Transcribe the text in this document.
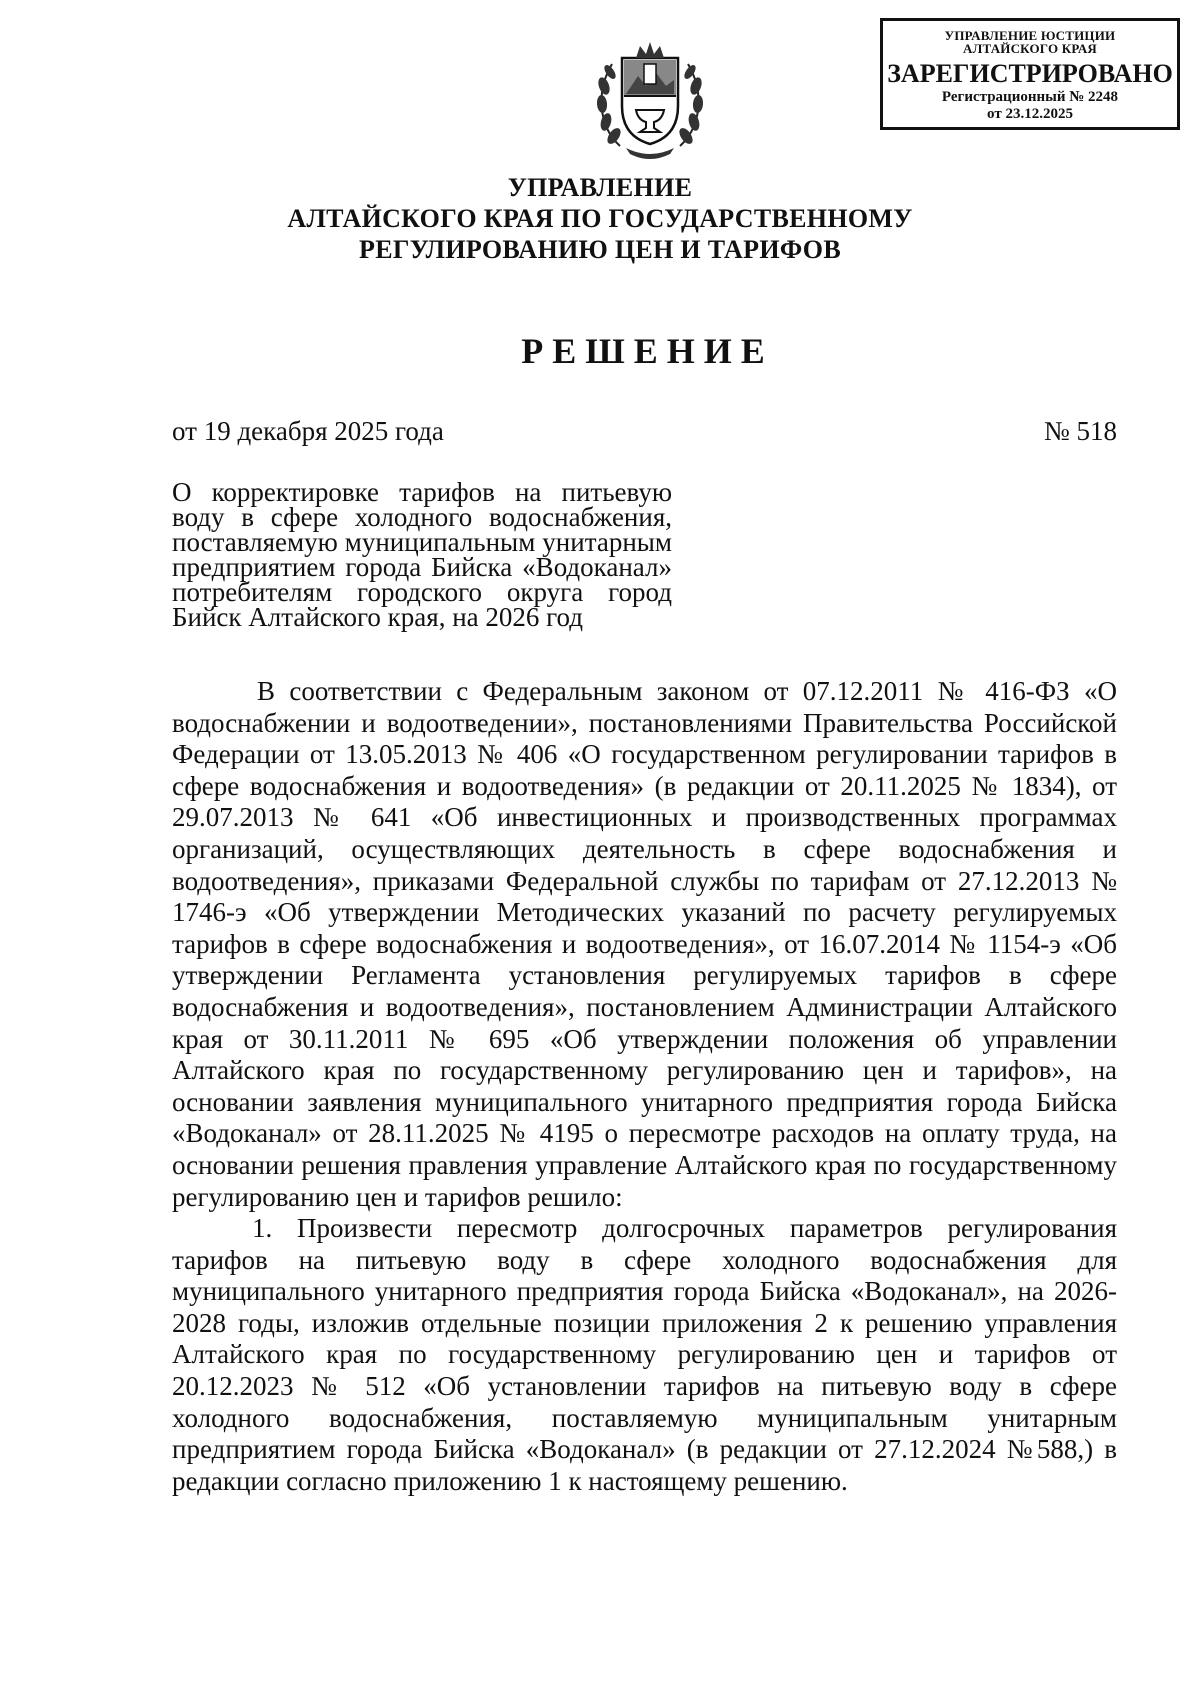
УПРАВЛЕНИЕ ЮСТИЦИИ
АЛТАЙСКОГО КРАЯ
ЗАРЕГИСТРИРОВАНО
Регистрационный № 2248
от 23.12.2025
УПРАВЛЕНИЕ
АЛТАЙСКОГО КРАЯ ПО ГОСУДАРСТВЕННОМУ
РЕГУЛИРОВАНИЮ ЦЕН И ТАРИФОВ
РЕШЕНИЕ
от 19 декабря 2025 года	№ 518
О корректировке тарифов на питьевую воду в сфере холодного водоснабжения, поставляемую муниципальным унитарным предприятием города Бийска «Водоканал» потребителям городского округа город Бийск Алтайского края, на 2026 год

В соответствии с Федеральным законом от 07.12.2011 № 416-ФЗ «О водоснабжении и водоотведении», постановлениями Правительства Российской Федерации от 13.05.2013 № 406 «О государственном регулировании тарифов в сфере водоснабжения и водоотведения» (в редакции от 20.11.2025 № 1834), от 29.07.2013 № 641 «Об инвестиционных и производственных программах организаций, осуществляющих деятельность в сфере водоснабжения и водоотведения», приказами Федеральной службы по тарифам от 27.12.2013 № 1746-э «Об утверждении Методических указаний по расчету регулируемых тарифов в сфере водоснабжения и водоотведения», от 16.07.2014 № 1154-э «Об утверждении Регламента установления регулируемых тарифов в сфере водоснабжения и водоотведения», постановлением Администрации Алтайского края от 30.11.2011 № 695 «Об утверждении положения об управлении Алтайского края по государственному регулированию цен и тарифов», на основании заявления муниципального унитарного предприятия города Бийска «Водоканал» от 28.11.2025 № 4195 о пересмотре расходов на оплату труда, на основании решения правления управление Алтайского края по государственному регулированию цен и тарифов решило:

1. Произвести пересмотр долгосрочных параметров регулирования тарифов на питьевую воду в сфере холодного водоснабжения для муниципального унитарного предприятия города Бийска «Водоканал», на 2026-2028 годы, изложив отдельные позиции приложения 2 к решению управления Алтайского края по государственному регулированию цен и тарифов от 20.12.2023 № 512 «Об установлении тарифов на питьевую воду в сфере холодного водоснабжения, поставляемую муниципальным унитарным предприятием города Бийска «Водоканал» (в редакции от 27.12.2024 №588,) в редакции согласно приложению 1 к настоящему решению.
